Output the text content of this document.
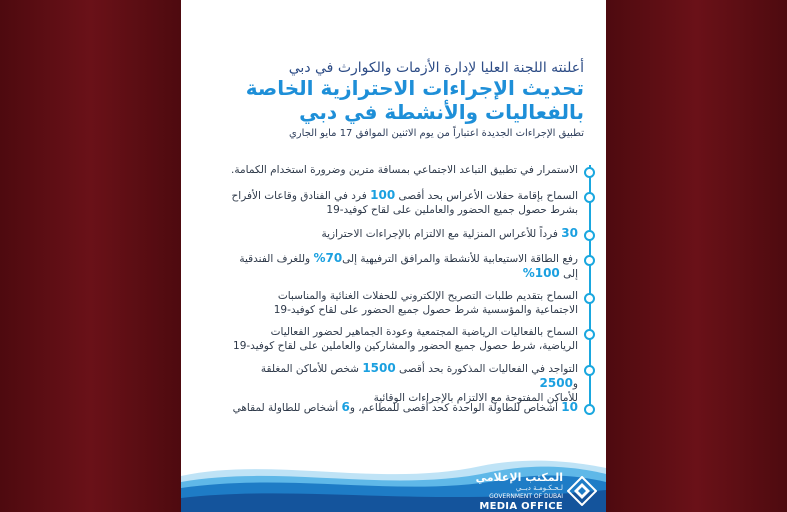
أعلنته اللجنة العليا لإدارة الأزمات والكوارث في دبي
تحديث الإجراءات الاحترازية الخاصة
بالفعاليات والأنشطة في دبي
تطبيق الإجراءات الجديدة اعتباراً من يوم الاثنين الموافق 17 مايو الجاري
الاستمرار في تطبيق التباعد الاجتماعي بمسافة مترين وضرورة استخدام الكمامة.
السماح بإقامة حفلات الأعراس بحد أقصى 100 فرد في الفنادق وقاعات الأفراح
بشرط حصول جميع الحضور والعاملين على لقاح كوفيد-19
30 فرداً للأعراس المنزلية مع الالتزام بالإجراءات الاحترازية
رفع الطاقة الاستيعابية للأنشطة والمرافق الترفيهية إلى70% وللغرف الفندقية
إلى 100%
السماح بتقديم طلبات التصريح الإلكتروني للحفلات الغنائية والمناسبات
الاجتماعية والمؤسسية شرط حصول جميع الحضور على لقاح كوفيد-19
السماح بالفعاليات الرياضية المجتمعية وعودة الجماهير لحضور الفعاليات
الرياضية، شرط حصول جميع الحضور والمشاركين والعاملين على لقاح كوفيد-19
التواجد في الفعاليات المذكورة بحد أقصى 1500 شخص للأماكن المغلقة و2500
للأماكن المفتوحة مع الالتزام بالإجراءات الوقائية
10 أشخاص للطاولة الواحدة كحد أقصى للمطاعم، و6 أشخاص للطاولة لمقاهي
المكتب الإعلامي
لـحـكـومـة دبــي
GOVERNMENT OF DUBAI
MEDIA OFFICE
